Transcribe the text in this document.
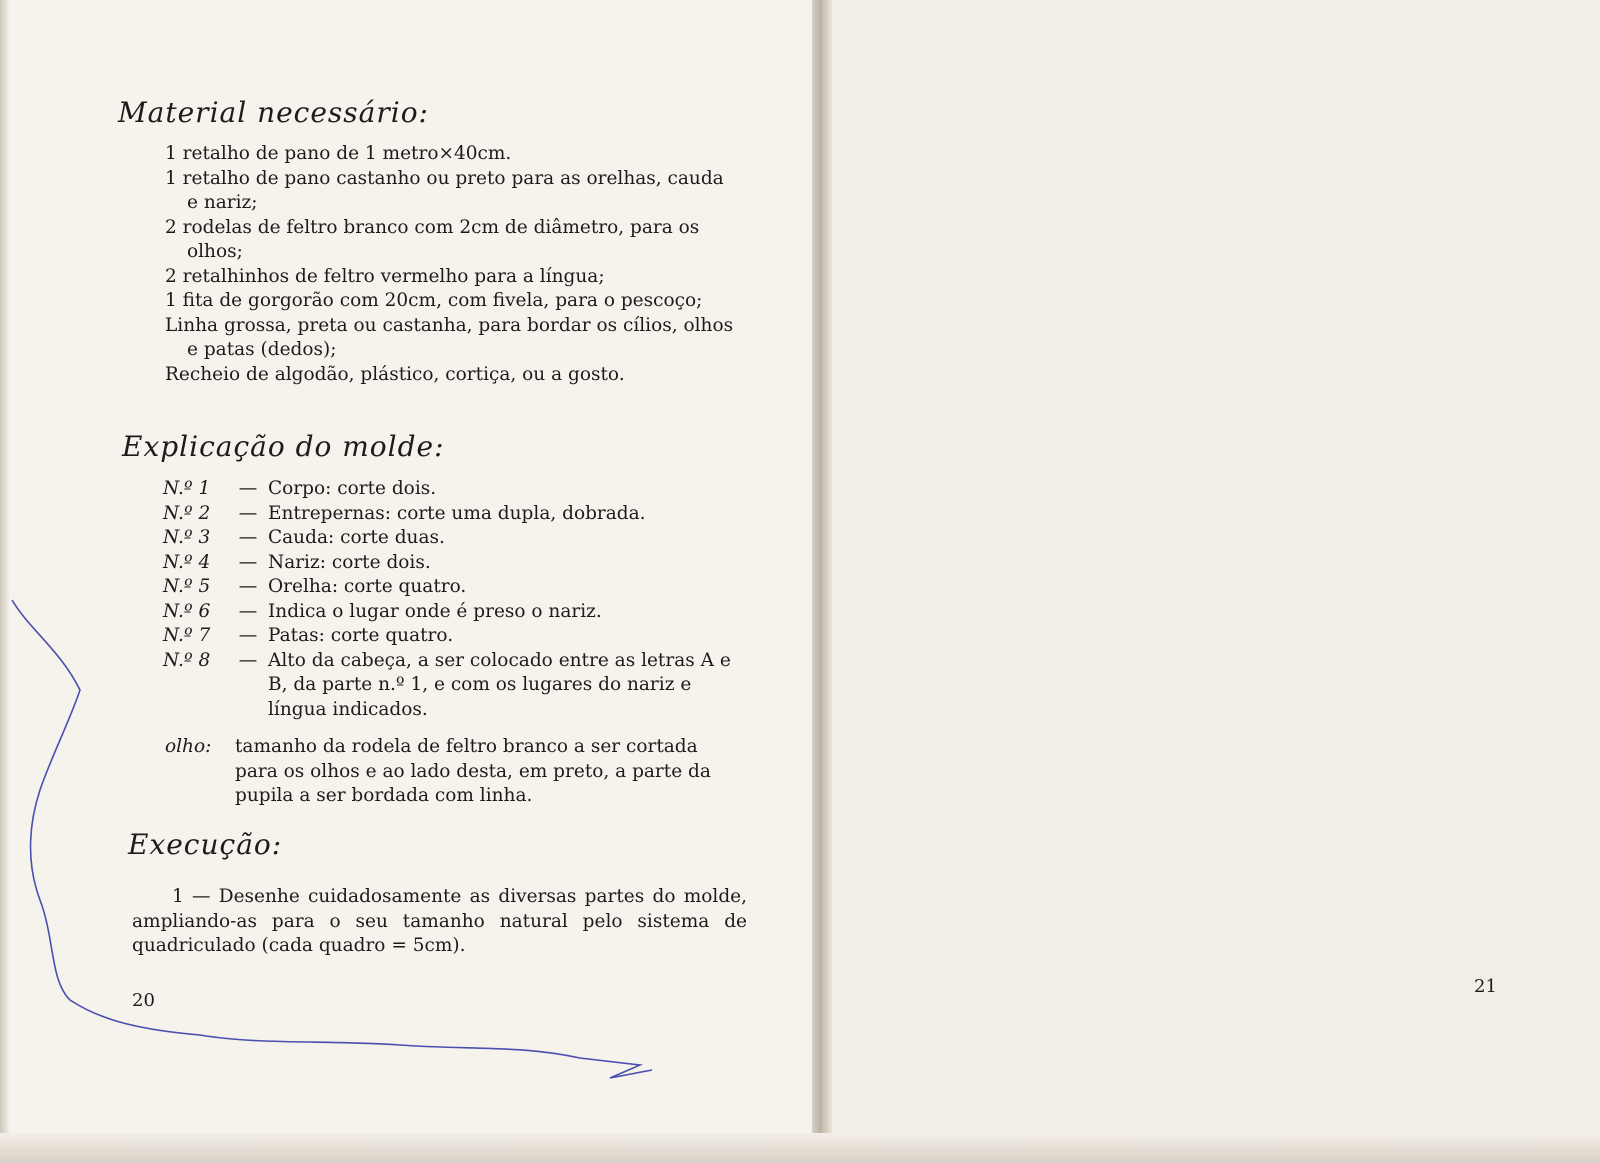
Material necessário:
1 retalho de pano de 1 metro×40cm.
1 retalho de pano castanho ou preto para as orelhas, cauda e nariz;
2 rodelas de feltro branco com 2cm de diâmetro, para os olhos;
2 retalhinhos de feltro vermelho para a língua;
1 fita de gorgorão com 20cm, com fivela, para o pescoço;
Linha grossa, preta ou castanha, para bordar os cílios, olhos e patas (dedos);
Recheio de algodão, plástico, cortiça, ou a gosto.
Explicação do molde:
N.º 1	— Corpo: corte dois.
N.º 2	— Entrepernas: corte uma dupla, dobrada.
N.º 3	— Cauda: corte duas.
N.º 4	— Nariz: corte dois.
N.º 5	— Orelha: corte quatro.
N.º 6	— Indica o lugar onde é preso o nariz.
N.º 7	— Patas: corte quatro.
N.º 8	— Alto da cabeça, a ser colocado entre as letras A e B, da parte n.º 1, e com os lugares do nariz e língua indicados.
olho:	tamanho da rodela de feltro branco a ser cortada para os olhos e ao lado desta, em preto, a parte da pupila a ser bordada com linha.
Execução:
1 — Desenhe cuidadosamente as diversas partes do molde, ampliando-as para o seu tamanho natural pelo sistema de quadriculado (cada quadro = 5cm).
20
21
